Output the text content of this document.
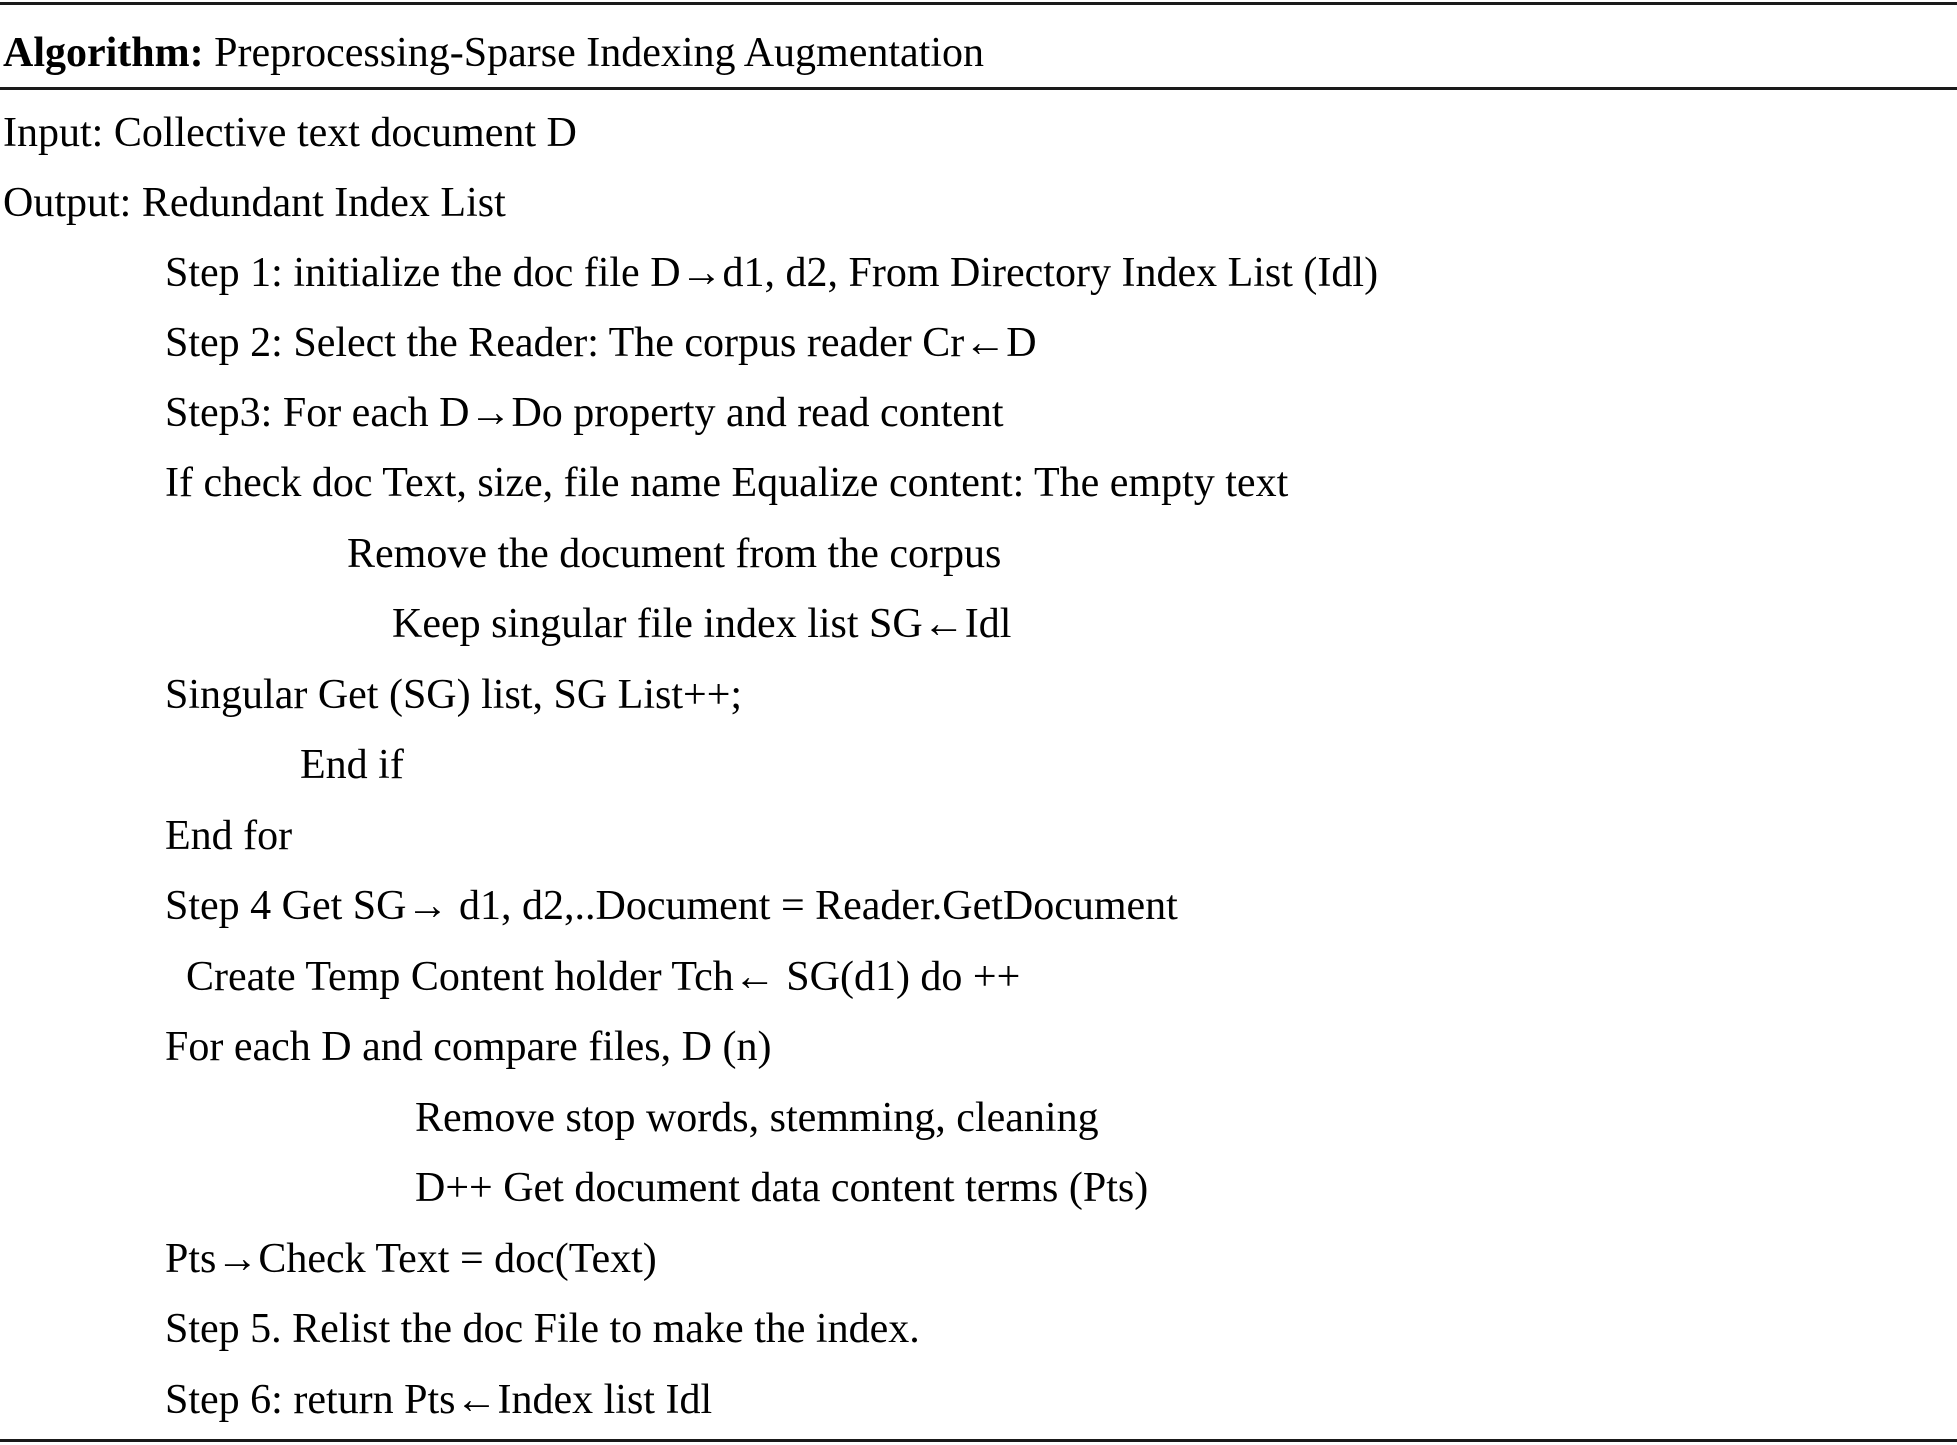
Algorithm: Preprocessing-Sparse Indexing Augmentation
Input: Collective text document D
Output: Redundant Index List
Step 1: initialize the doc file D→d1, d2, From Directory Index List (Idl)
Step 2: Select the Reader: The corpus reader Cr←D
Step3: For each D→Do property and read content
If check doc Text, size, file name Equalize content: The empty text
Remove the document from the corpus
Keep singular file index list SG←Idl
Singular Get (SG) list, SG List++;
End if
End for
Step 4 Get SG→ d1, d2,..Document = Reader.GetDocument
Create Temp Content holder Tch← SG(d1) do ++
For each D and compare files, D (n)
Remove stop words, stemming, cleaning
D++ Get document data content terms (Pts)
Pts→Check Text = doc(Text)
Step 5. Relist the doc File to make the index.
Step 6: return Pts←Index list Idl
